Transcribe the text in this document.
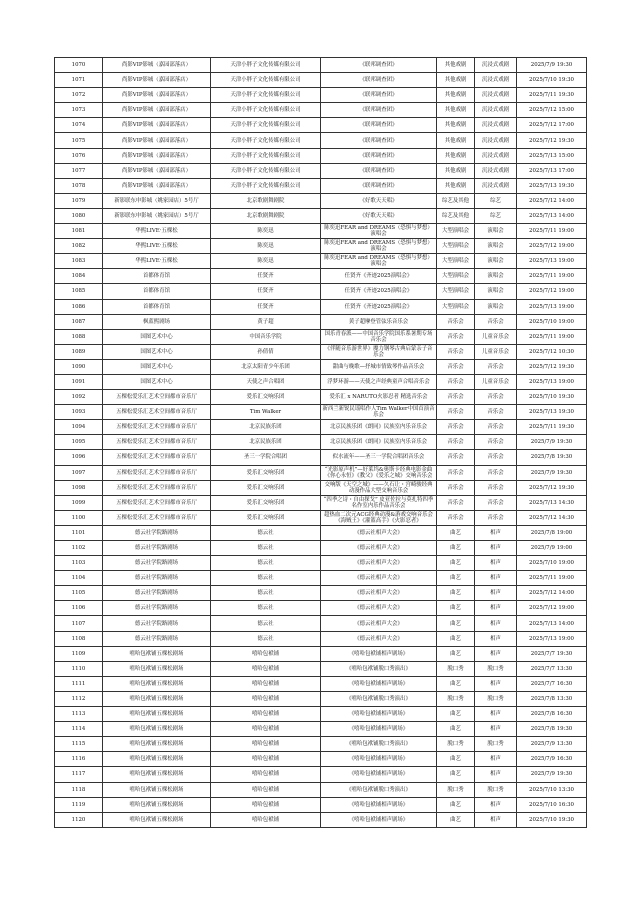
1070	尚影VIP影城（嘉园部落店）	天津小胖子文化传媒有限公司	《联邦调查团》	其他戏剧	沉浸式戏剧	2025/7/9 19:30
1071	尚影VIP影城（嘉园部落店）	天津小胖子文化传媒有限公司	《联邦调查团》	其他戏剧	沉浸式戏剧	2025/7/10 19:30
1072	尚影VIP影城（嘉园部落店）	天津小胖子文化传媒有限公司	《联邦调查团》	其他戏剧	沉浸式戏剧	2025/7/11 19:30
1073	尚影VIP影城（嘉园部落店）	天津小胖子文化传媒有限公司	《联邦调查团》	其他戏剧	沉浸式戏剧	2025/7/12 15:00
1074	尚影VIP影城（嘉园部落店）	天津小胖子文化传媒有限公司	《联邦调查团》	其他戏剧	沉浸式戏剧	2025/7/12 17:00
1075	尚影VIP影城（嘉园部落店）	天津小胖子文化传媒有限公司	《联邦调查团》	其他戏剧	沉浸式戏剧	2025/7/12 19:30
1076	尚影VIP影城（嘉园部落店）	天津小胖子文化传媒有限公司	《联邦调查团》	其他戏剧	沉浸式戏剧	2025/7/13 15:00
1077	尚影VIP影城（嘉园部落店）	天津小胖子文化传媒有限公司	《联邦调查团》	其他戏剧	沉浸式戏剧	2025/7/13 17:00
1078	尚影VIP影城（嘉园部落店）	天津小胖子文化传媒有限公司	《联邦调查团》	其他戏剧	沉浸式戏剧	2025/7/13 19:30
1079	新影联东申影城（姚家园店）5号厅	北京歌剧舞剧院	《好歌天天唱》	综艺及其他	综艺	2025/7/12 14:00
1080	新影联东申影城（姚家园店）5号厅	北京歌剧舞剧院	《好歌天天唱》	综艺及其他	综艺	2025/7/13 14:00
1081	华熙LIVE·五棵松	陈奕迅	陈奕迅FEAR and DREAMS（恐惧与梦想）演唱会	大型演唱会	演唱会	2025/7/11 19:00
1082	华熙LIVE·五棵松	陈奕迅	陈奕迅FEAR and DREAMS（恐惧与梦想）演唱会	大型演唱会	演唱会	2025/7/12 19:00
1083	华熙LIVE·五棵松	陈奕迅	陈奕迅FEAR and DREAMS（恐惧与梦想）演唱会	大型演唱会	演唱会	2025/7/13 19:00
1084	首都体育馆	任贤齐	任贤齐《齐迹2025演唱会》	大型演唱会	演唱会	2025/7/11 19:00
1085	首都体育馆	任贤齐	任贤齐《齐迹2025演唱会》	大型演唱会	演唱会	2025/7/12 19:00
1086	首都体育馆	任贤齐	任贤齐《齐迹2025演唱会》	大型演唱会	演唱会	2025/7/13 19:00
1087	枫蓝熙剧场	黄子超	黄子超摩登管弦乐音乐会	音乐会	音乐会	2025/7/10 19:00
1088	国图艺术中心	中国音乐学院	国乐青春派——中国音乐学院国乐系暑期专场音乐会	音乐会	儿童音乐会	2025/7/11 19:00
1089	国图艺术中心	孙倩倩	《伴随音乐游世界》魔力钢琴古典启蒙亲子音乐会	音乐会	儿童音乐会	2025/7/12 10:30
1090	国图艺术中心	北京太阳青少年乐团	甜曲与晚歌—抒城市情致琴作品音乐会	音乐会	音乐会	2025/7/12 19:30
1091	国图艺术中心	天使之声合唱团	浮梦环游——天使之声经典童声合唱音乐会	音乐会	儿童音乐会	2025/7/13 19:00
1092	五棵松爱乐汇艺术空间都市音乐厅	爱乐汇交响乐团	爱乐汇 x NARUTO火影忍者 精选音乐会	音乐会	音乐会	2025/7/10 19:30
1093	五棵松爱乐汇艺术空间都市音乐厅	Tim Walker	新西兰新锐民谣唱作人Tim Walker中国首演音乐会	音乐会	音乐会	2025/7/13 19:30
1094	五棵松爱乐汇艺术空间都市音乐厅	北京民族乐团	北京民族乐团《朗同》民族室内乐音乐会	音乐会	音乐会	2025/7/11 19:30
1095	五棵松爱乐汇艺术空间都市音乐厅	北京民族乐团	北京民族乐团《朗同》民族室内乐音乐会	音乐会	音乐会	2025/7/9 19:30
1096	五棵松爱乐汇艺术空间都市音乐厅	圣三一学院合唱团	似水流年——圣三一学院合唱团音乐会	音乐会	音乐会	2025/7/8 19:30
1097	五棵松爱乐汇艺术空间都市音乐厅	爱乐汇交响乐团	“光影原声机”—好莱坞&奥斯卡经典电影金曲《你心永恒》《教父》《爱乐之城》交响音乐会	音乐会	音乐会	2025/7/9 19:30
1098	五棵松爱乐汇艺术空间都市音乐厅	爱乐汇交响乐团	交响版《天空之城》——久石让・宫崎骏经典动漫作品大型交响音乐会	音乐会	音乐会	2025/7/12 19:30
1099	五棵松爱乐汇艺术空间都市音乐厅	爱乐汇交响乐团	“四季之诗・自由探戈” 皮亚佐拉与莫扎特四季名作室内乐作品音乐会	音乐会	音乐会	2025/7/13 14:30
1100	五棵松爱乐汇艺术空间都市音乐厅	爱乐汇交响乐团	超热血二次元ACG经典动漫&游戏交响音乐会《海贼王》《灌篮高手》《火影忍者》	音乐会	音乐会	2025/7/12 14:30
1101	德云社学院路剧场	德云社	《德云社相声大会》	曲艺	相声	2025/7/8 19:00
1102	德云社学院路剧场	德云社	《德云社相声大会》	曲艺	相声	2025/7/9 19:00
1103	德云社学院路剧场	德云社	《德云社相声大会》	曲艺	相声	2025/7/10 19:00
1104	德云社学院路剧场	德云社	《德云社相声大会》	曲艺	相声	2025/7/11 19:00
1105	德云社学院路剧场	德云社	《德云社相声大会》	曲艺	相声	2025/7/12 14:00
1106	德云社学院路剧场	德云社	《德云社相声大会》	曲艺	相声	2025/7/12 19:00
1107	德云社学院路剧场	德云社	《德云社相声大会》	曲艺	相声	2025/7/13 14:00
1108	德云社学院路剧场	德云社	《德云社相声大会》	曲艺	相声	2025/7/13 19:00
1109	嘻哈包袱铺五棵松剧场	嘻哈包袱铺	《嘻哈包袱铺相声剧场》	曲艺	相声	2025/7/7 19:30
1110	嘻哈包袱铺五棵松剧场	嘻哈包袱铺	《嘻哈包袱铺脱口秀演出》	脱口秀	脱口秀	2025/7/7 13:30
1111	嘻哈包袱铺五棵松剧场	嘻哈包袱铺	《嘻哈包袱铺相声剧场》	曲艺	相声	2025/7/7 16:30
1112	嘻哈包袱铺五棵松剧场	嘻哈包袱铺	《嘻哈包袱铺脱口秀演出》	脱口秀	脱口秀	2025/7/8 13:30
1113	嘻哈包袱铺五棵松剧场	嘻哈包袱铺	《嘻哈包袱铺相声剧场》	曲艺	相声	2025/7/8 16:30
1114	嘻哈包袱铺五棵松剧场	嘻哈包袱铺	《嘻哈包袱铺相声剧场》	曲艺	相声	2025/7/8 19:30
1115	嘻哈包袱铺五棵松剧场	嘻哈包袱铺	《嘻哈包袱铺脱口秀演出》	脱口秀	脱口秀	2025/7/9 13:30
1116	嘻哈包袱铺五棵松剧场	嘻哈包袱铺	《嘻哈包袱铺相声剧场》	曲艺	相声	2025/7/9 16:30
1117	嘻哈包袱铺五棵松剧场	嘻哈包袱铺	《嘻哈包袱铺相声剧场》	曲艺	相声	2025/7/9 19:30
1118	嘻哈包袱铺五棵松剧场	嘻哈包袱铺	《嘻哈包袱铺脱口秀演出》	脱口秀	脱口秀	2025/7/10 13:30
1119	嘻哈包袱铺五棵松剧场	嘻哈包袱铺	《嘻哈包袱铺相声剧场》	曲艺	相声	2025/7/10 16:30
1120	嘻哈包袱铺五棵松剧场	嘻哈包袱铺	《嘻哈包袱铺相声剧场》	曲艺	相声	2025/7/10 19:30
